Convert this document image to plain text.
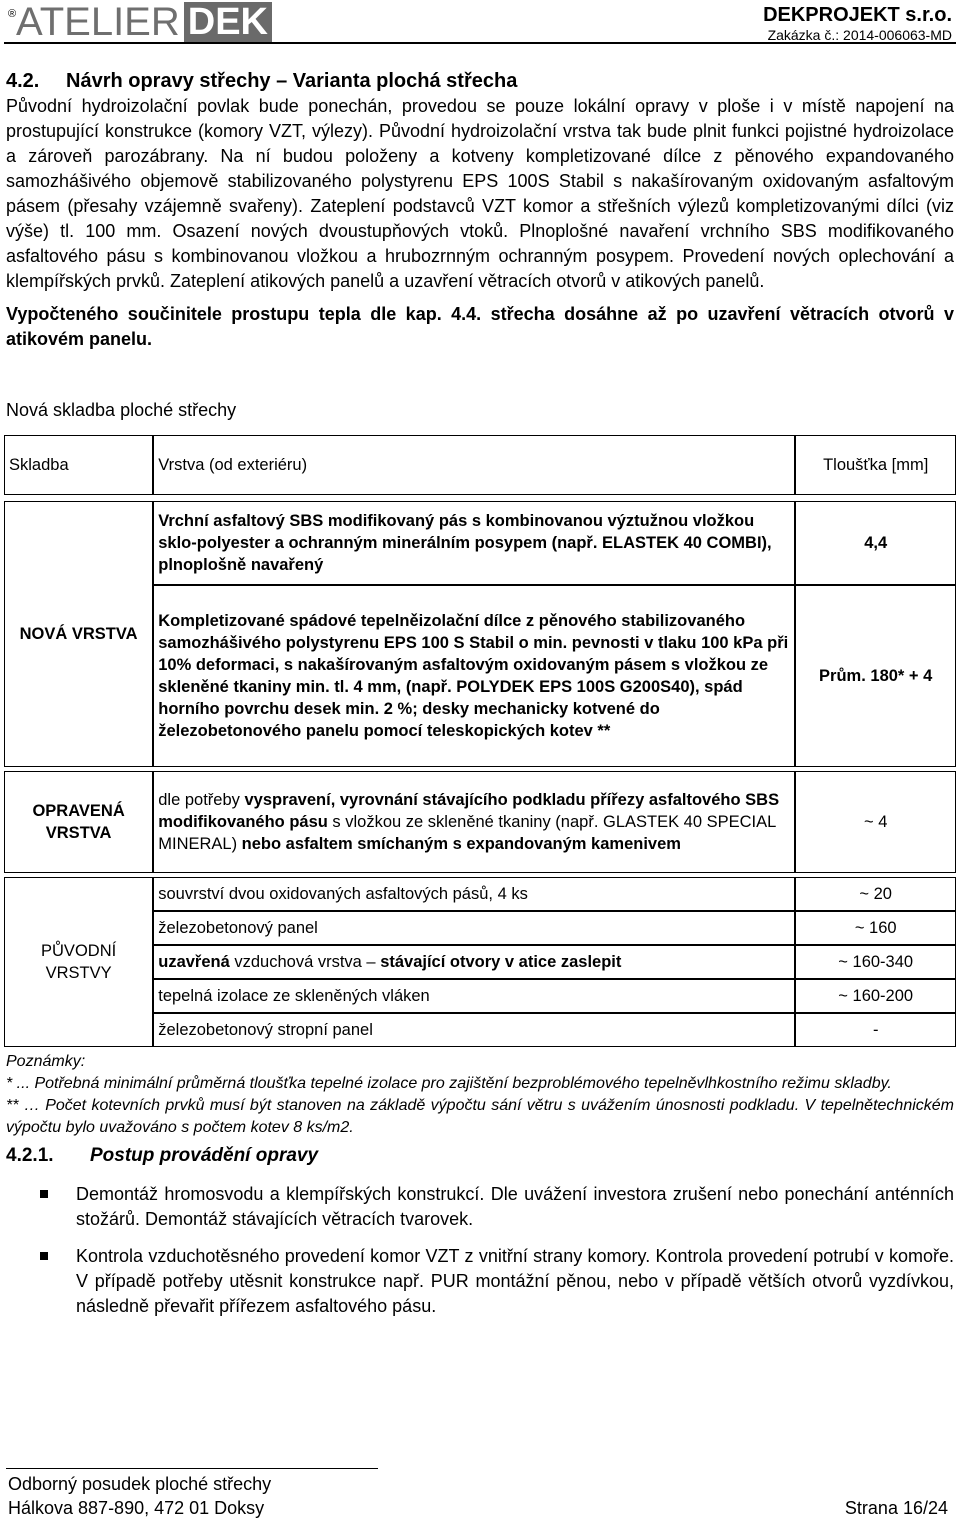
® ATELIER DEK	DEKPROJEKT s.r.o.
Zakázka č.: 2014-006063-MD
4.2. Návrh opravy střechy – Varianta plochá střecha

Původní hydroizolační povlak bude ponechán, provedou se pouze lokální opravy v ploše i v místě napojení na prostupující konstrukce (komory VZT, výlezy). Původní hydroizolační vrstva tak bude plnit funkci pojistné hydroizolace a zároveň parozábrany. Na ní budou položeny a kotveny kompletizované dílce z pěnového expandovaného samozhášivého objemově stabilizovaného polystyrenu EPS 100S Stabil s nakašírovaným oxidovaným asfaltovým pásem (přesahy vzájemně svařeny). Zateplení podstavců VZT komor a střešních výlezů kompletizovanými dílci (viz výše) tl. 100 mm. Osazení nových dvoustupňových vtoků. Plnoplošné navaření vrchního SBS modifikovaného asfaltového pásu s kombinovanou vložkou a hrubozrnným ochranným posypem. Provedení nových oplechování a klempířských prvků. Zateplení atikových panelů a uzavření větracích otvorů v atikových panelů.

Vypočteného součinitele prostupu tepla dle kap. 4.4. střecha dosáhne až po uzavření větracích otvorů v atikovém panelu.

Nová skladba ploché střechy
Skladba	Vrstva (od exteriéru)	Tloušťka [mm]

NOVÁ VRSTVA	Vrchní asfaltový SBS modifikovaný pás s kombinovanou výztužnou vložkou sklo-polyester a ochranným minerálním posypem (např. ELASTEK 40 COMBI), plnoplošně navařený	4,4
	Kompletizované spádové tepelněizolační dílce z pěnového stabilizovaného samozhášivého polystyrenu EPS 100 S Stabil o min. pevnosti v tlaku 100 kPa při 10% deformaci, s nakašírovaným asfaltovým oxidovaným pásem s vložkou ze skleněné tkaniny min. tl. 4 mm, (např. POLYDEK EPS 100S G200S40), spád horního povrchu desek min. 2 %; desky mechanicky kotvené do železobetonového panelu pomocí teleskopických kotev **	Prům. 180* + 4

OPRAVENÁ VRSTVA	dle potřeby vyspravení, vyrovnání stávajícího podkladu přířezy asfaltového SBS modifikovaného pásu s vložkou ze skleněné tkaniny (např. GLASTEK 40 SPECIAL MINERAL) nebo asfaltem smíchaným s expandovaným kamenivem	~ 4

PŮVODNÍ VRSTVY	souvrství dvou oxidovaných asfaltových pásů, 4 ks	~ 20
	železobetonový panel	~ 160
	uzavřená vzduchová vrstva – stávající otvory v atice zaslepit	~ 160-340
	tepelná izolace ze skleněných vláken	~ 160-200
	železobetonový stropní panel	-
Poznámky:
* ... Potřebná minimální průměrná tloušťka tepelné izolace pro zajištění bezproblémového tepelněvlhkostního režimu skladby.
** … Počet kotevních prvků musí být stanoven na základě výpočtu sání větru s uvážením únosnosti podkladu. V tepelnětechnickém výpočtu bylo uvažováno s počtem kotev 8 ks/m2.
4.2.1. Postup provádění opravy
Demontáž hromosvodu a klempířských konstrukcí. Dle uvážení investora zrušení nebo ponechání anténních stožárů. Demontáž stávajících větracích tvarovek.
Kontrola vzduchotěsného provedení komor VZT z vnitřní strany komory. Kontrola provedení potrubí v komoře. V případě potřeby utěsnit konstrukce např. PUR montážní pěnou, nebo v případě větších otvorů vyzdívkou, následně převařit přířezem asfaltového pásu.
Odborný posudek ploché střechy
Hálkova 887-890, 472 01 Doksy	Strana 16/24
